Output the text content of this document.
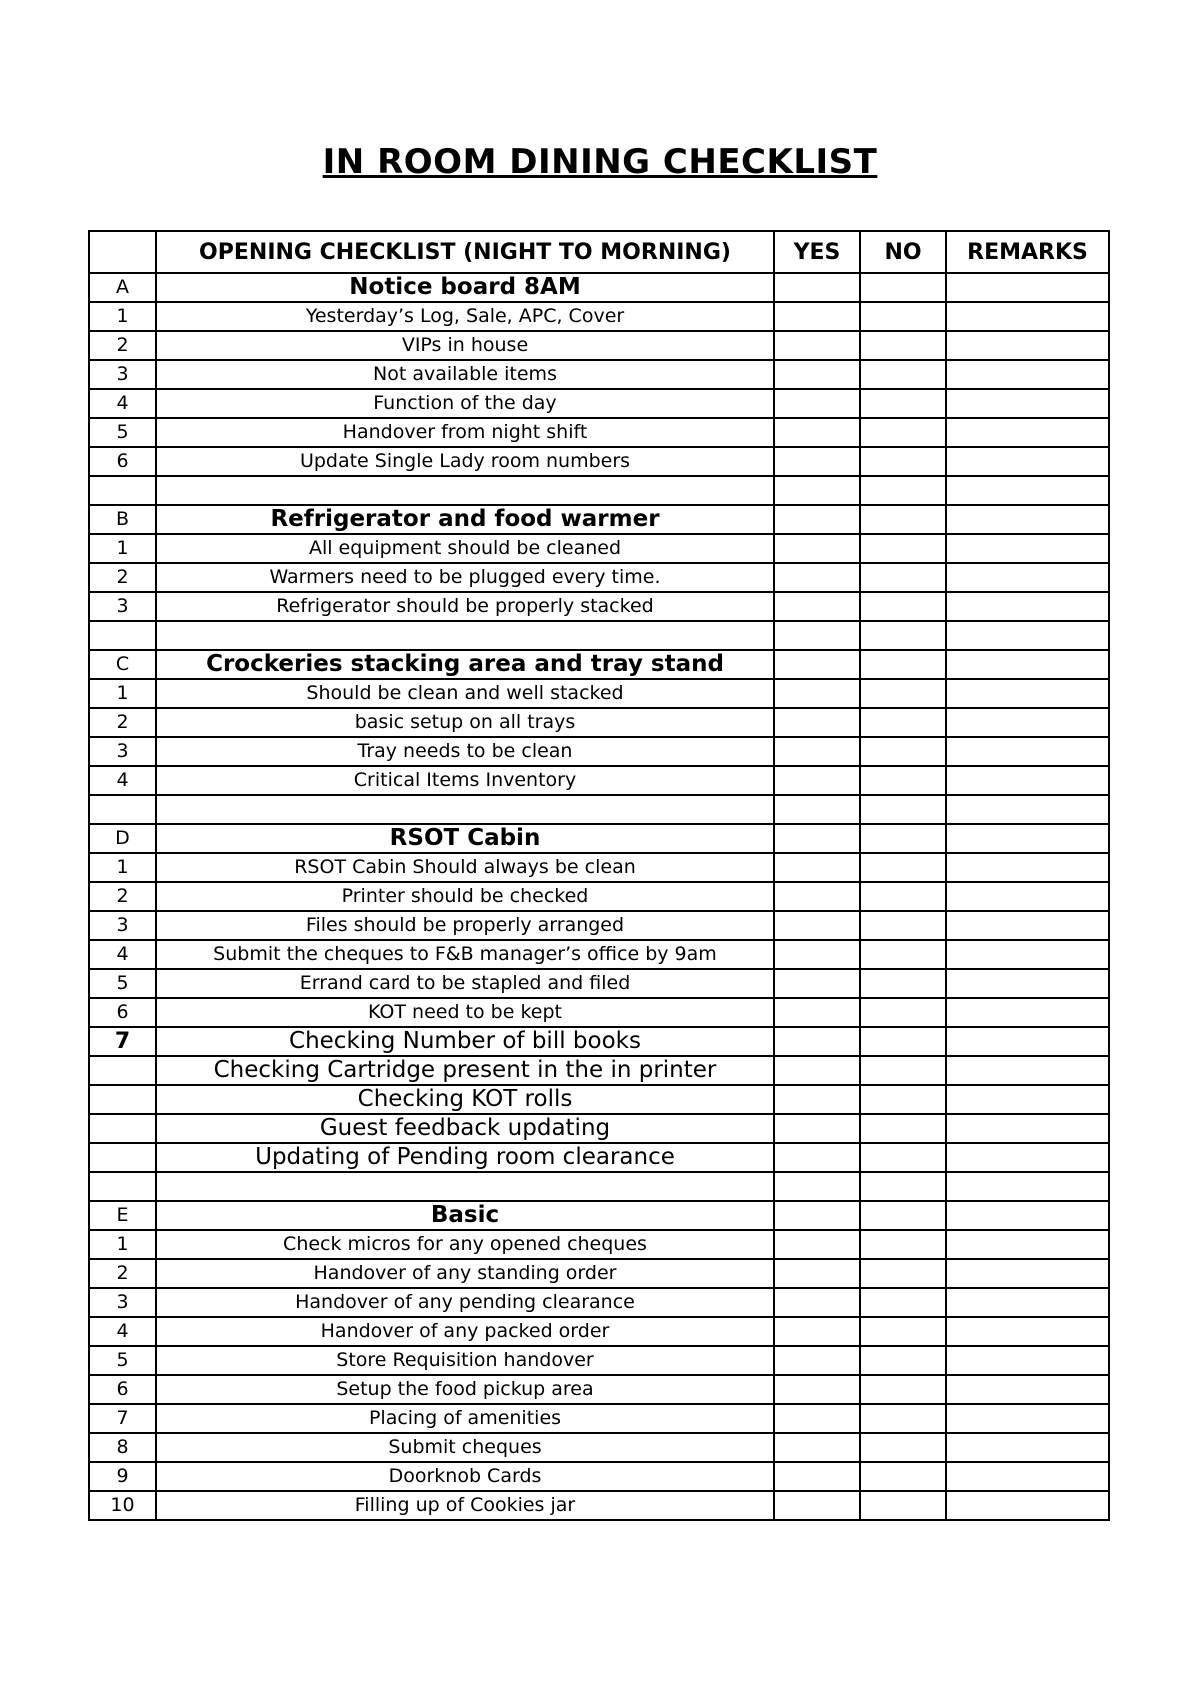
IN ROOM DINING CHECKLIST
	OPENING CHECKLIST (NIGHT TO MORNING)	YES	NO	REMARKS
A	Notice board 8AM			
1	Yesterday’s Log, Sale, APC, Cover			
2	VIPs in house			
3	Not available items			
4	Function of the day			
5	Handover from night shift			
6	Update Single Lady room numbers			

B	Refrigerator and food warmer			
1	All equipment should be cleaned			
2	Warmers need to be plugged every time.			
3	Refrigerator should be properly stacked			

C	Crockeries stacking area and tray stand			
1	Should be clean and well stacked			
2	basic setup on all trays			
3	Tray needs to be clean			
4	Critical Items Inventory			

D	RSOT Cabin			
1	RSOT Cabin Should always be clean			
2	Printer should be checked			
3	Files should be properly arranged			
4	Submit the cheques to F&B manager’s office by 9am			
5	Errand card to be stapled and filed			
6	KOT need to be kept			
7	Checking Number of bill books			
	Checking Cartridge present in the in printer			
	Checking KOT rolls			
	Guest feedback updating			
	Updating of Pending room clearance			

E	Basic			
1	Check micros for any opened cheques			
2	Handover of any standing order			
3	Handover of any pending clearance			
4	Handover of any packed order			
5	Store Requisition handover			
6	Setup the food pickup area			
7	Placing of amenities			
8	Submit cheques			
9	Doorknob Cards			
10	Filling up of Cookies jar			
